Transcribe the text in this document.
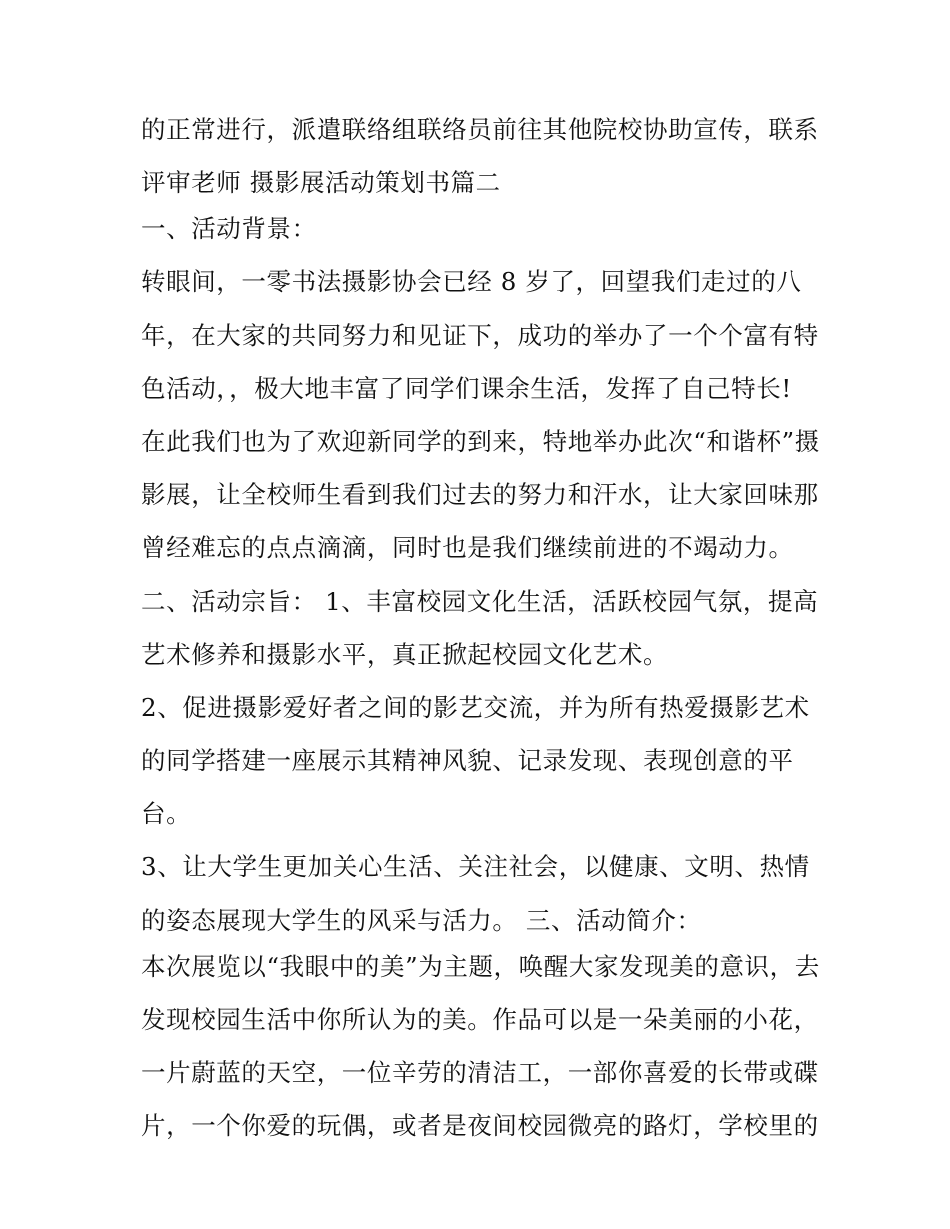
的正常进行，派遣联络组联络员前往其他院校协助宣传，联系
评审老师 摄影展活动策划书篇二
一、活动背景：
转眼间，一零书法摄影协会已经 8 岁了，回望我们走过的八
年，在大家的共同努力和见证下，成功的举办了一个个富有特
色活动，，极大地丰富了同学们课余生活，发挥了自己特长!
在此我们也为了欢迎新同学的到来，特地举办此次“和谐杯”摄
影展，让全校师生看到我们过去的努力和汗水，让大家回味那
曾经难忘的点点滴滴，同时也是我们继续前进的不竭动力。
二、活动宗旨： 1、丰富校园文化生活，活跃校园气氛，提高
艺术修养和摄影水平，真正掀起校园文化艺术。
2、促进摄影爱好者之间的影艺交流，并为所有热爱摄影艺术
的同学搭建一座展示其精神风貌、记录发现、表现创意的平
台。
3、让大学生更加关心生活、关注社会，以健康、文明、热情
的姿态展现大学生的风采与活力。 三、活动简介：
本次展览以“我眼中的美”为主题，唤醒大家发现美的意识，去
发现校园生活中你所认为的美。作品可以是一朵美丽的小花，
一片蔚蓝的天空，一位辛劳的清洁工，一部你喜爱的长带或碟
片，一个你爱的玩偶，或者是夜间校园微亮的路灯，学校里的
